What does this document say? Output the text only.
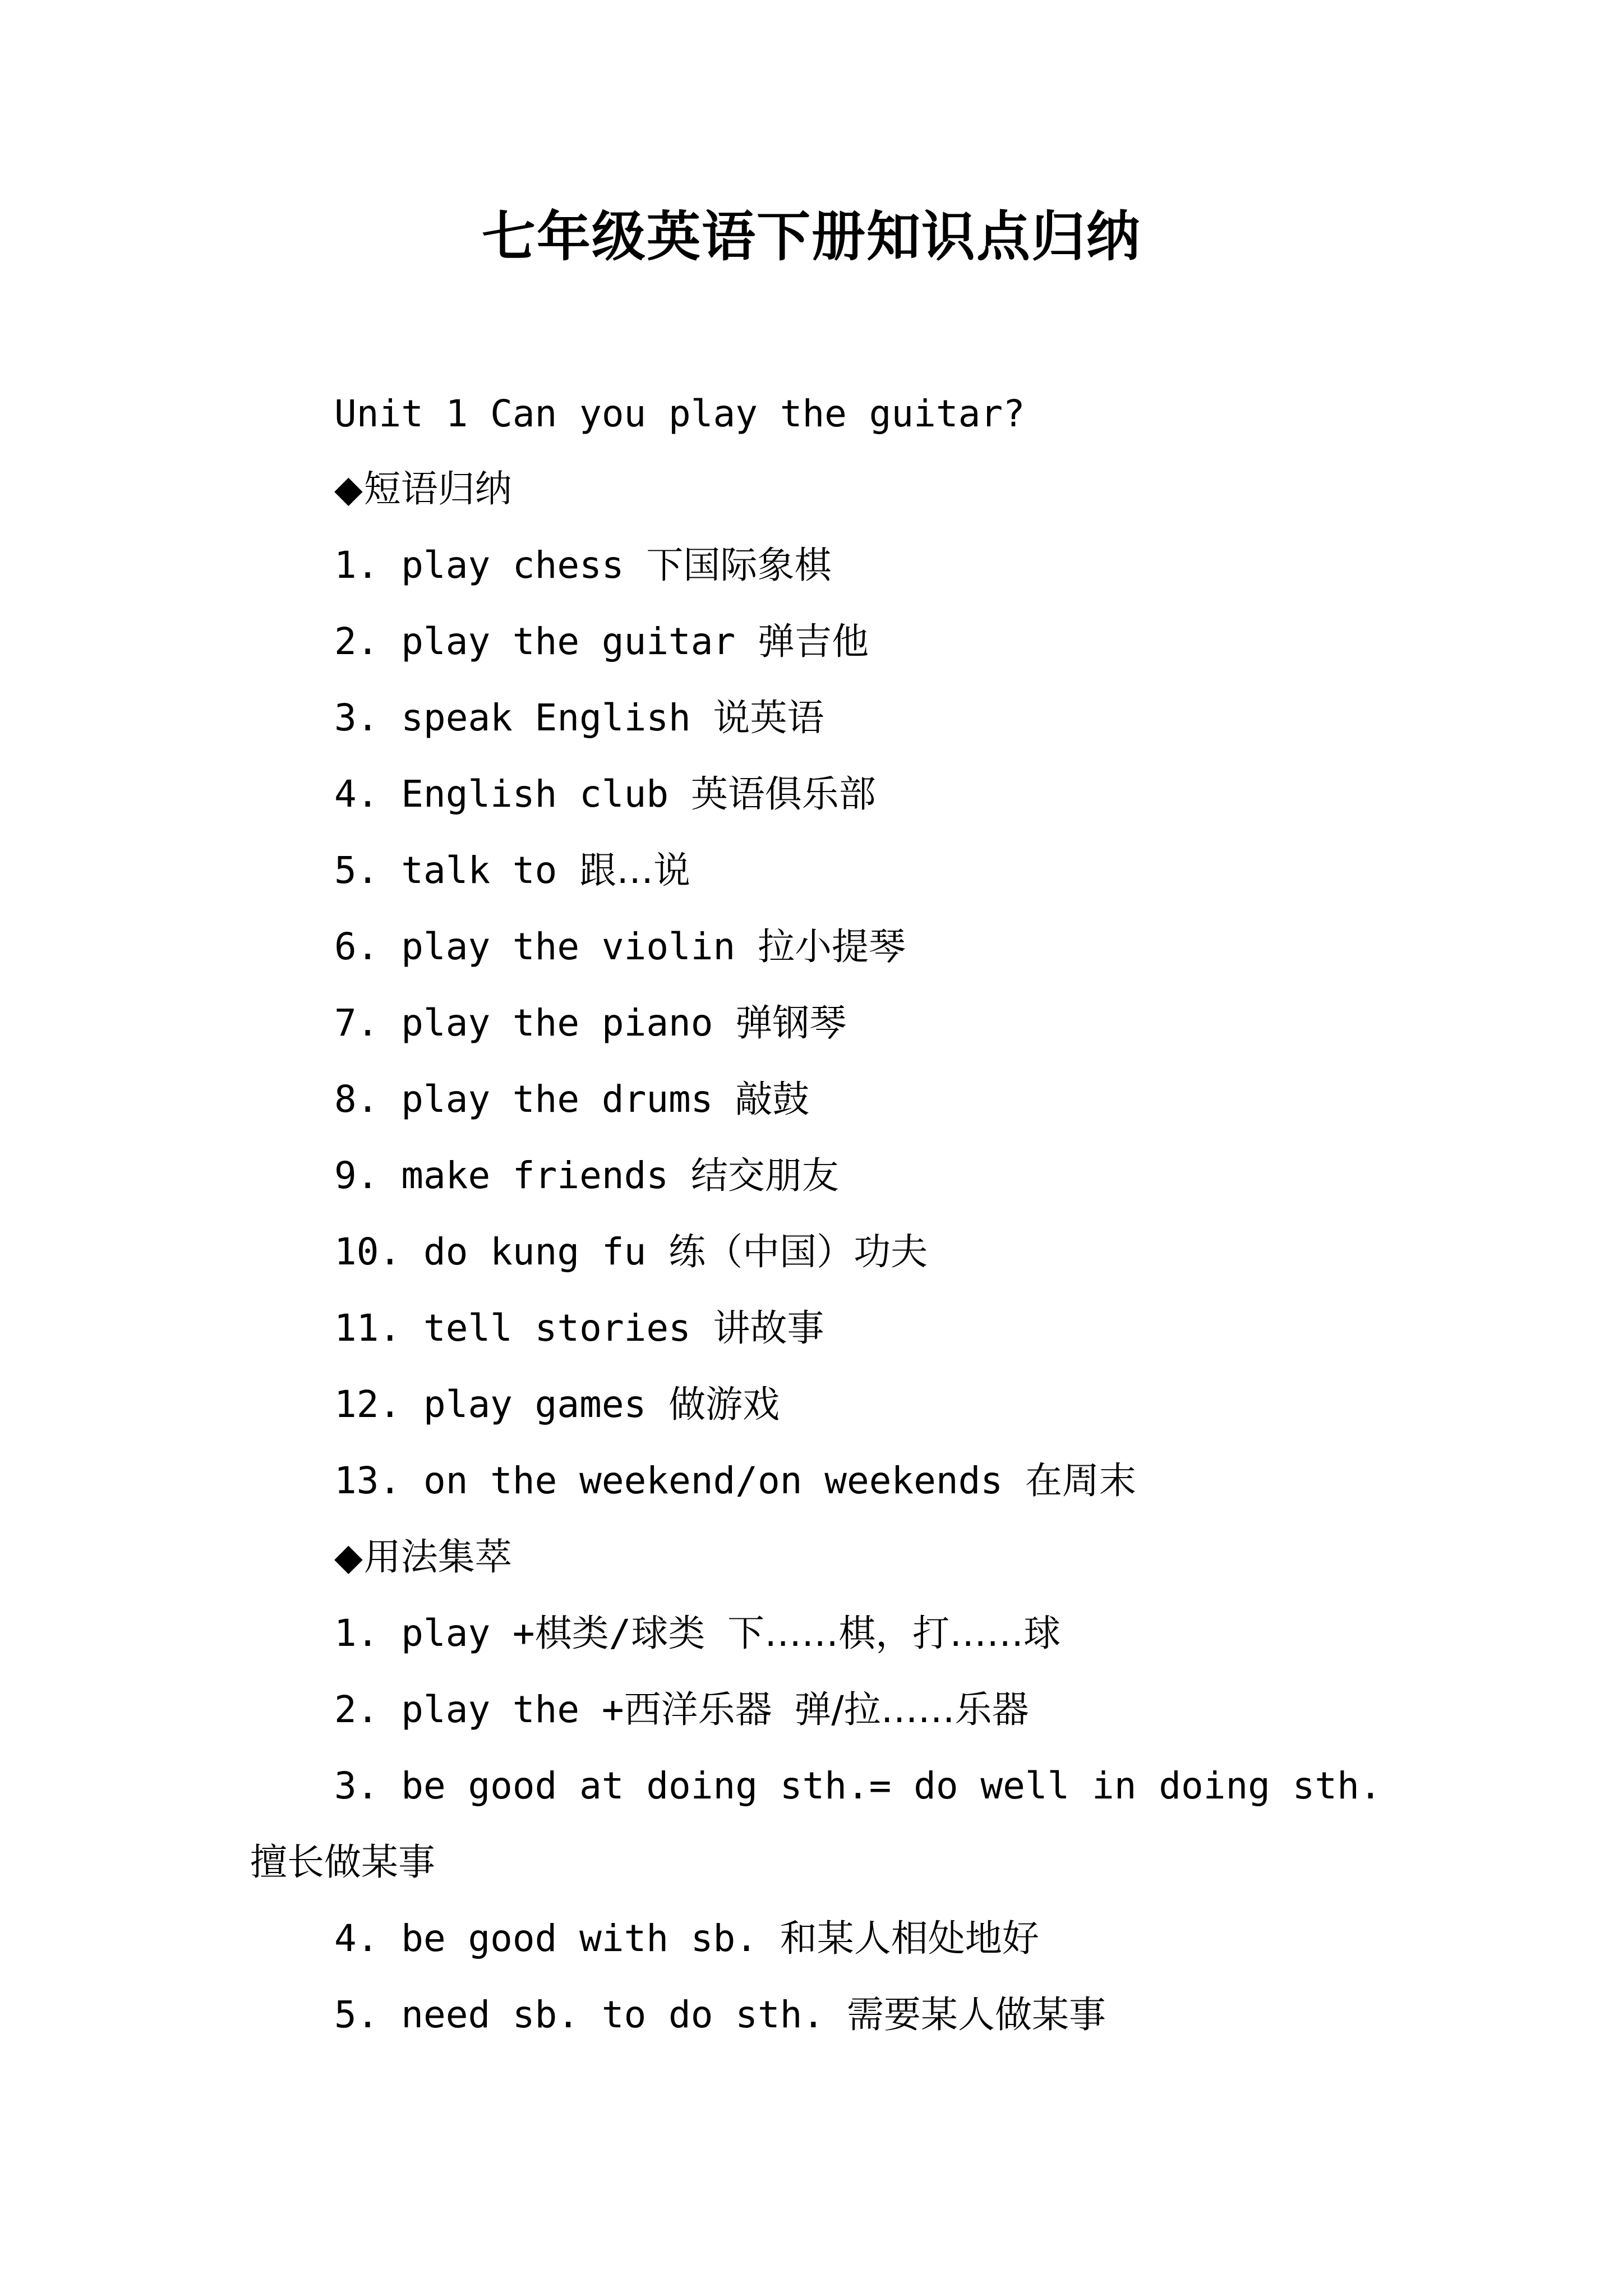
七年级英语下册知识点归纳
Unit 1 Can you play the guitar?
◆短语归纳
1. play chess 下国际象棋
2. play the guitar 弹吉他
3. speak English 说英语
4. English club 英语俱乐部
5. talk to 跟…说
6. play the violin 拉小提琴
7. play the piano 弹钢琴
8. play the drums 敲鼓
9. make friends 结交朋友
10. do kung fu 练（中国）功夫
11. tell stories 讲故事
12. play games 做游戏
13. on the weekend/on weekends 在周末
◆用法集萃
1. play +棋类/球类 下……棋，打……球
2. play the +西洋乐器 弹/拉……乐器
3. be good at doing sth.= do well in doing sth.
擅长做某事
4. be good with sb. 和某人相处地好
5. need sb. to do sth. 需要某人做某事
